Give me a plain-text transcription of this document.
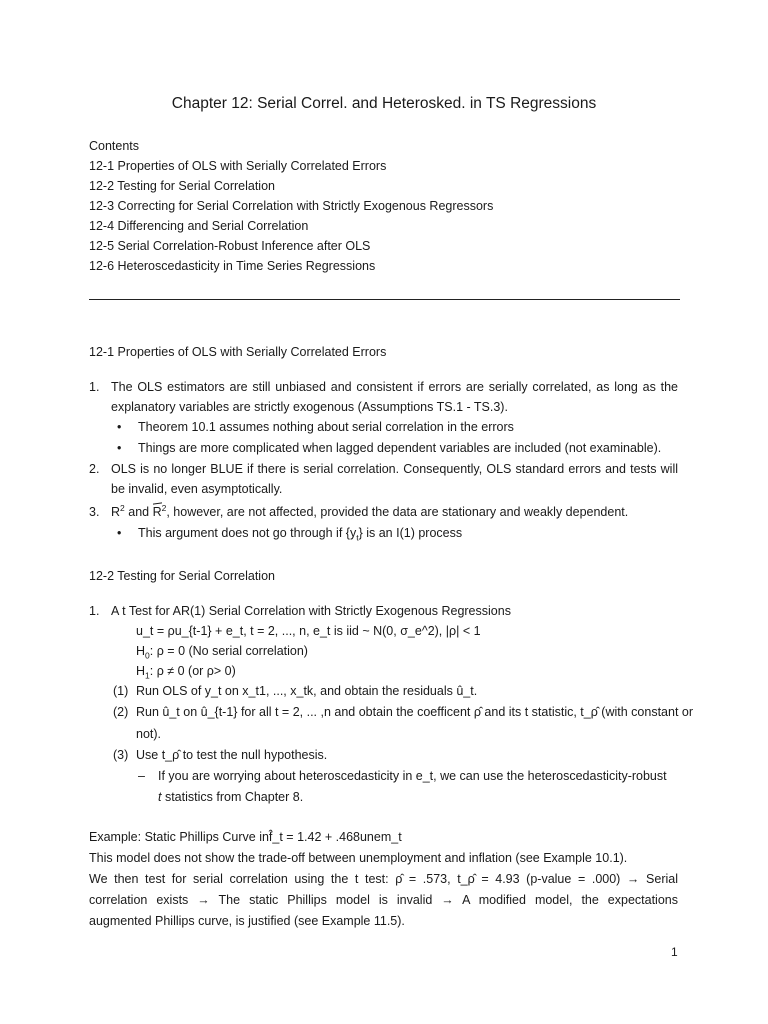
Chapter 12: Serial Correl. and Heterosked. in TS Regressions
Contents
12-1 Properties of OLS with Serially Correlated Errors
12-2 Testing for Serial Correlation
12-3 Correcting for Serial Correlation with Strictly Exogenous Regressors
12-4 Differencing and Serial Correlation
12-5 Serial Correlation-Robust Inference after OLS
12-6 Heteroscedasticity in Time Series Regressions
12-1 Properties of OLS with Serially Correlated Errors
1. The OLS estimators are still unbiased and consistent if errors are serially correlated, as long as the
explanatory variables are strictly exogenous (Assumptions TS.1 - TS.3).
• Theorem 10.1 assumes nothing about serial correlation in the errors
• Things are more complicated when lagged dependent variables are included (not examinable).
2. OLS is no longer BLUE if there is serial correlation. Consequently, OLS standard errors and tests will
be invalid, even asymptotically.
3. $R^2$ and $R^2$, however, are not affected, provided the data are stationary and weakly dependent.
• This argument does not go through if $\{y_t\}$ is an I(1) process
12-2 Testing for Serial Correlation
1. A t Test for AR(1) Serial Correlation with Strictly Exogenous Regressions
u_t = ρu_{t-1} + e_t, t = 2, ..., n, e_t is iid ~ N(0, σ_e^2), |ρ| < 1
$H_0$: ρ = 0 (No serial correlation)
$H_1$: ρ ≠ 0 (or ρ> 0)
(1) Run OLS of y_t on x_t1, ..., x_tk, and obtain the residuals û_t.
(2) Run û_t on û_{t-1} for all t = 2, ... ,n and obtain the coefficent ρ̂ and its t statistic, t_ρ̂ (with constant or
not).
(3) Use t_ρ̂ to test the null hypothesis.
– If you are worrying about heteroscedasticity in e_t, we can use the heteroscedasticity-robust
t statistics from Chapter 8.
Example: Static Phillips Curve inf̂_t = 1.42 + .468unem_t
This model does not show the trade-off between unemployment and inflation (see Example 10.1).
We then test for serial correlation using the t test: ρ̂ = .573, t_ρ̂ = 4.93 (p-value = .000) → Serial
correlation exists → The static Phillips model is invalid → A modified model, the expectations
augmented Phillips curve, is justified (see Example 11.5).
1
